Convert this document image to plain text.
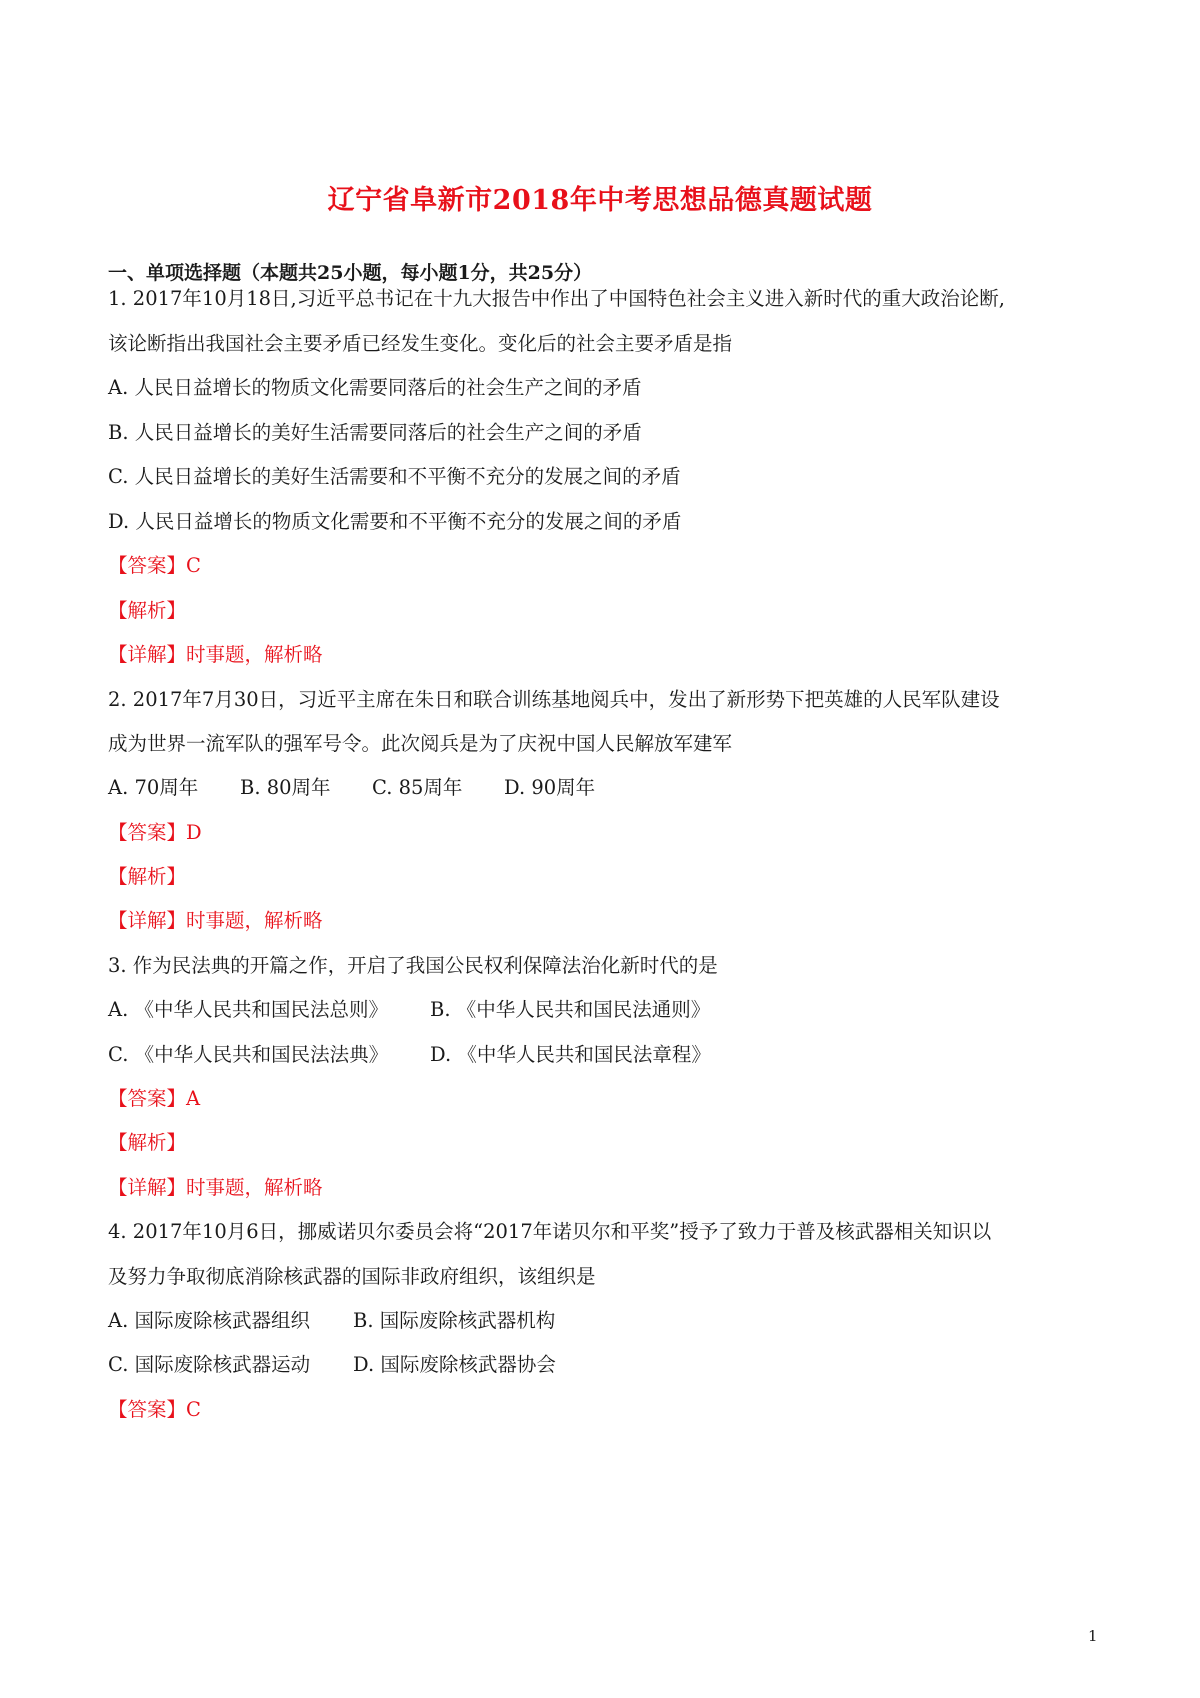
辽宁省阜新市2018年中考思想品德真题试题
一、单项选择题（本题共25小题，每小题1分，共25分）
1. 2017年10月18日,习近平总书记在十九大报告中作出了中国特色社会主义进入新时代的重大政治论断,
该论断指出我国社会主要矛盾已经发生变化。变化后的社会主要矛盾是指
A. 人民日益增长的物质文化需要同落后的社会生产之间的矛盾
B. 人民日益增长的美好生活需要同落后的社会生产之间的矛盾
C. 人民日益增长的美好生活需要和不平衡不充分的发展之间的矛盾
D. 人民日益增长的物质文化需要和不平衡不充分的发展之间的矛盾
【答案】C
【解析】
【详解】时事题，解析略
2. 2017年7月30日，习近平主席在朱日和联合训练基地阅兵中，发出了新形势下把英雄的人民军队建设
成为世界一流军队的强军号令。此次阅兵是为了庆祝中国人民解放军建军
A. 70周年 B. 80周年 C. 85周年 D. 90周年
【答案】D
【解析】
【详解】时事题，解析略
3. 作为民法典的开篇之作，开启了我国公民权利保障法治化新时代的是
A. 《中华人民共和国民法总则》 B. 《中华人民共和国民法通则》
C. 《中华人民共和国民法法典》 D. 《中华人民共和国民法章程》
【答案】A
【解析】
【详解】时事题，解析略
4. 2017年10月6日，挪威诺贝尔委员会将“2017年诺贝尔和平奖”授予了致力于普及核武器相关知识以
及努力争取彻底消除核武器的国际非政府组织，该组织是
A. 国际废除核武器组织 B. 国际废除核武器机构
C. 国际废除核武器运动 D. 国际废除核武器协会
【答案】C
1
